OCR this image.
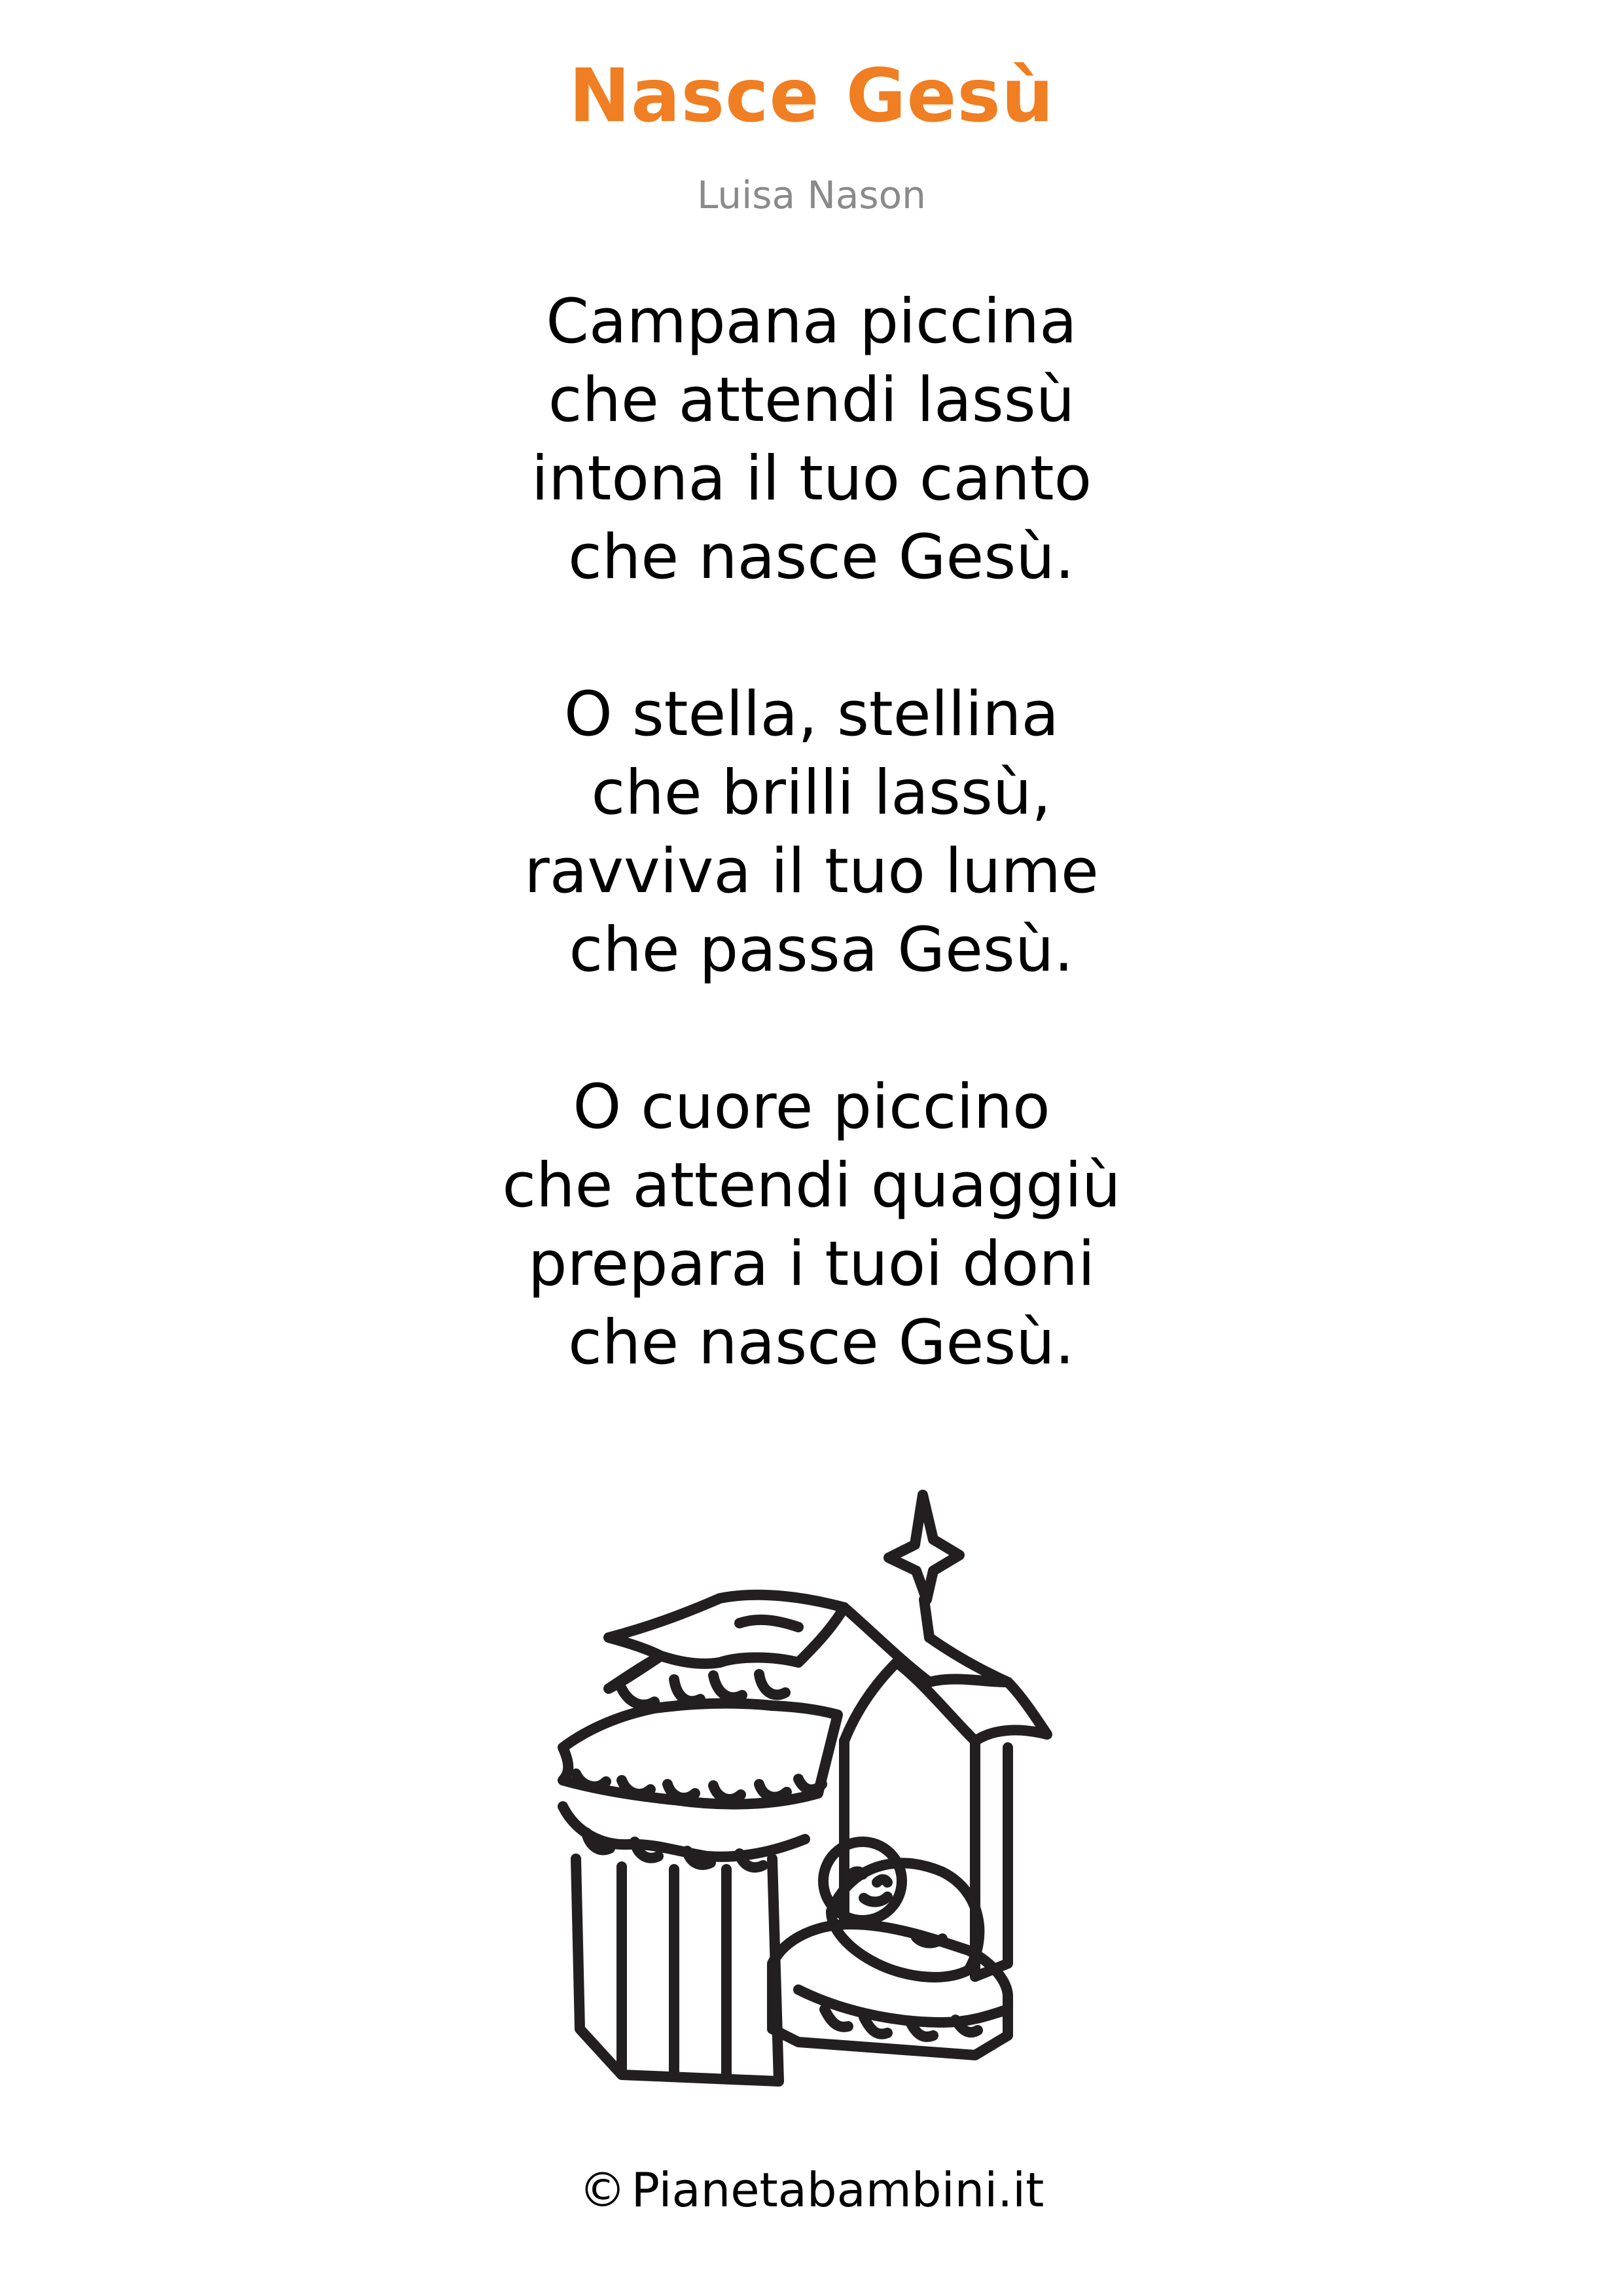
Nasce Gesù
Luisa Nason
Campana piccina
che attendi lassù
intona il tuo canto
che nasce Gesù.
O stella, stellina
che brilli lassù,
ravviva il tuo lume
che passa Gesù.
O cuore piccino
che attendi quaggiù
prepara i tuoi doni
che nasce Gesù.
© Pianetabambini.it
